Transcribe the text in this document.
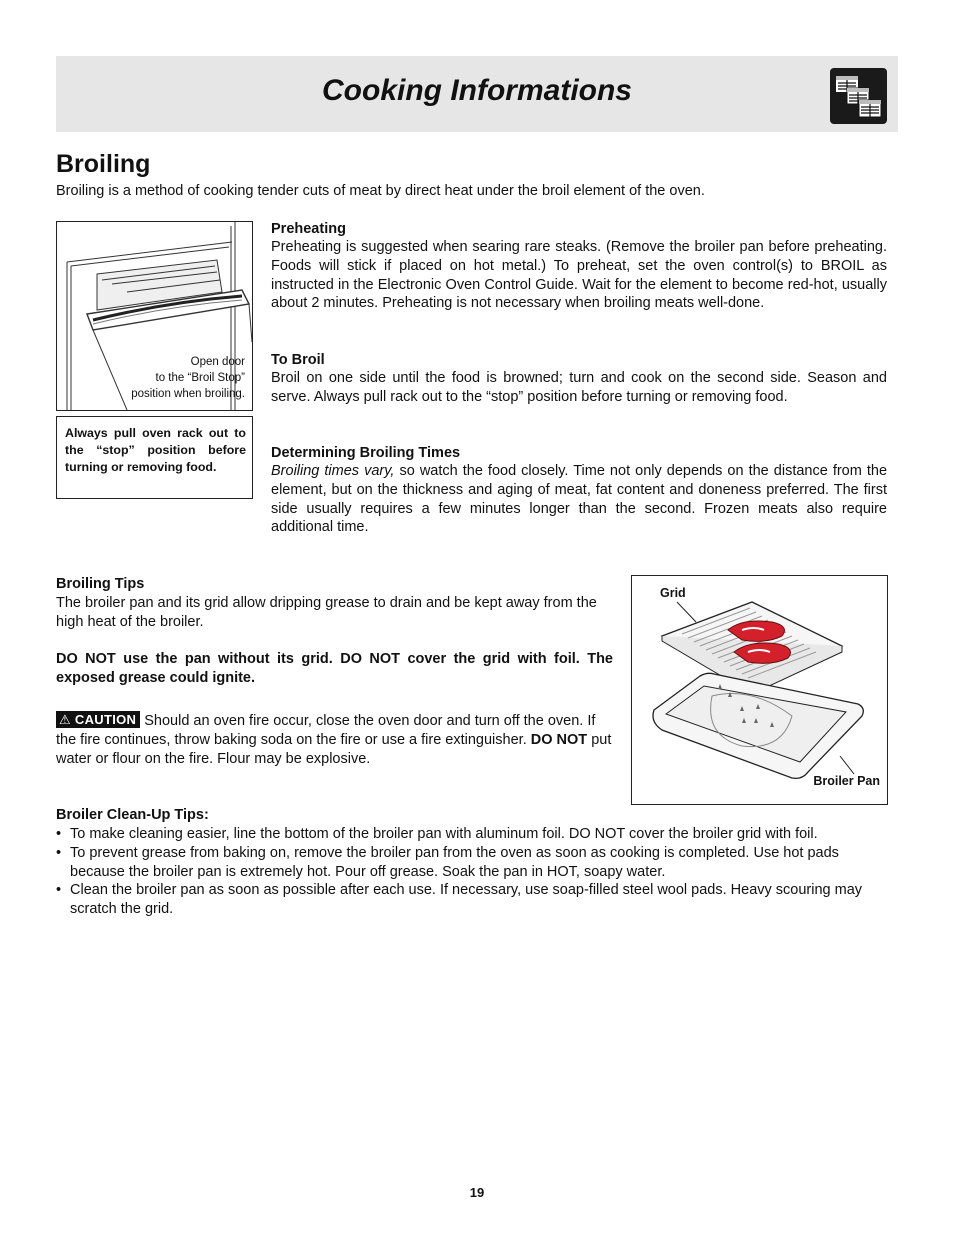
Cooking Informations
Broiling
Broiling is a method of cooking tender cuts of meat by direct heat under the broil element of the oven.
Open door
to the “Broil Stop”
position when broiling.
Always pull oven rack out to the “stop” position before turning or removing food.
Preheating
Preheating is suggested when searing rare steaks. (Remove the broiler pan before preheating. Foods will stick if placed on hot metal.) To preheat, set the oven control(s) to BROIL as instructed in the Electronic Oven Control Guide. Wait for the element to become red-hot, usually about 2 minutes. Preheating is not necessary when broiling meats well-done.
To Broil
Broil on one side until the food is browned; turn and cook on the second side. Season and serve. Always pull rack out to the “stop” position before turning or removing food.
Determining Broiling Times
Broiling times vary, so watch the food closely. Time not only depends on the distance from the element, but on the thickness and aging of meat, fat content and doneness preferred. The first side usually requires a few minutes longer than the second. Frozen meats also require additional time.
Broiling Tips
The broiler pan and its grid allow dripping grease to drain and be kept away from the high heat of the broiler.
DO NOT use the pan without its grid. DO NOT cover the grid with foil. The exposed grease could ignite.
⚠ CAUTION Should an oven fire occur, close the oven door and turn off the oven. If the fire continues, throw baking soda on the fire or use a fire extinguisher. DO NOT put water or flour on the fire. Flour may be explosive.
Grid
Broiler Pan
Broiler Clean-Up Tips:
• To make cleaning easier, line the bottom of the broiler pan with aluminum foil. DO NOT cover the broiler grid with foil.
• To prevent grease from baking on, remove the broiler pan from the oven as soon as cooking is completed. Use hot pads because the broiler pan is extremely hot. Pour off grease. Soak the pan in HOT, soapy water.
• Clean the broiler pan as soon as possible after each use. If necessary, use soap-filled steel wool pads. Heavy scouring may scratch the grid.
19
